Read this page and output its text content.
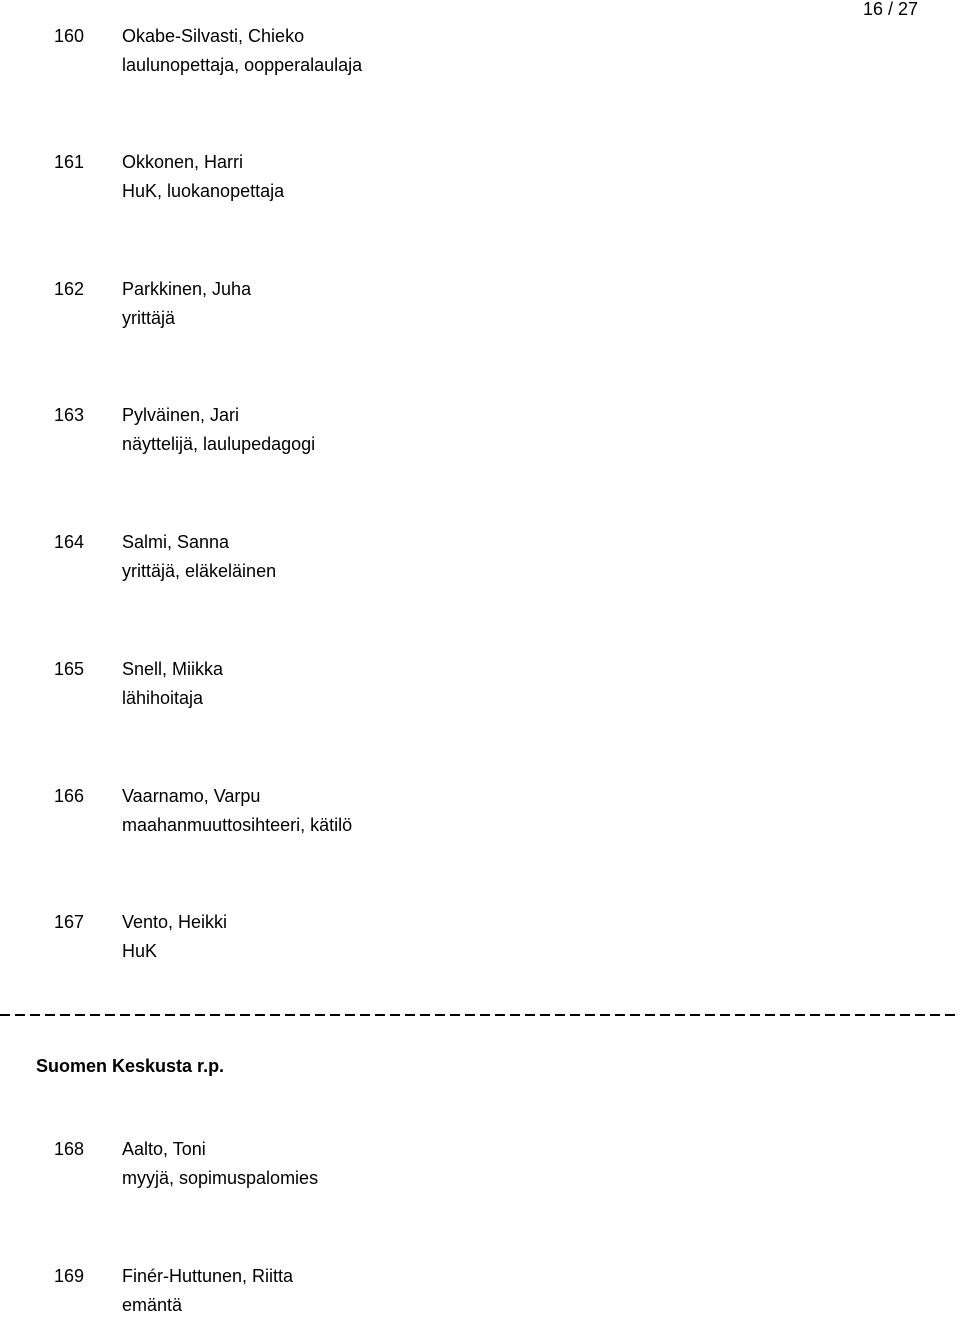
16 / 27
160 Okabe-Silvasti, Chieko
laulunopettaja, oopperalaulaja
161 Okkonen, Harri
HuK, luokanopettaja
162 Parkkinen, Juha
yrittäjä
163 Pylväinen, Jari
näyttelijä, laulupedagogi
164 Salmi, Sanna
yrittäjä, eläkeläinen
165 Snell, Miikka
lähihoitaja
166 Vaarnamo, Varpu
maahanmuuttosihteeri, kätilö
167 Vento, Heikki
HuK
Suomen Keskusta r.p.
168 Aalto, Toni
myyjä, sopimuspalomies
169 Finér-Huttunen, Riitta
emäntä
